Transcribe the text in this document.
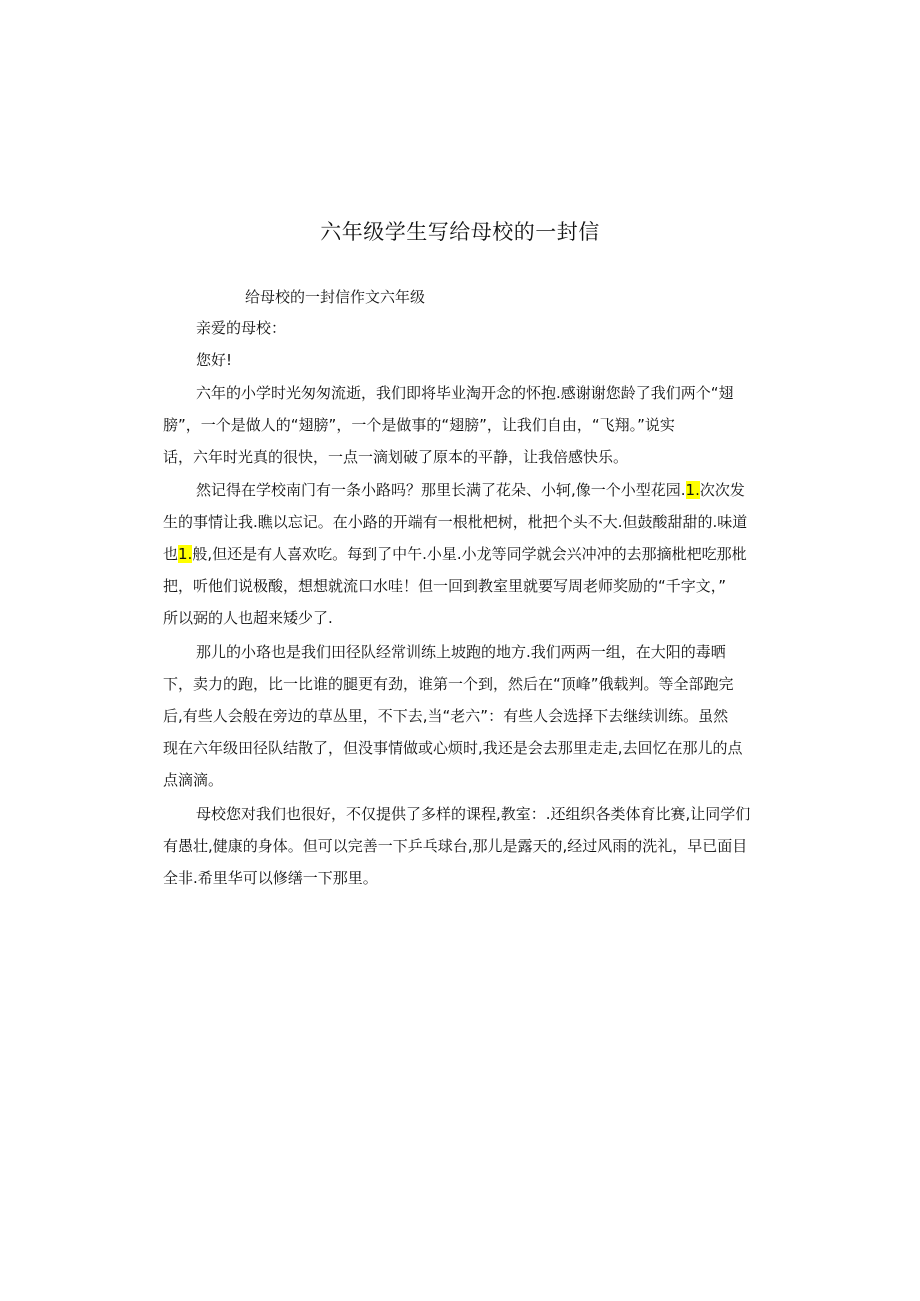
六年级学生写给母校的一封信
给母校的一封信作文六年级
亲爱的母校：
您好!
六年的小学时光匆匆流逝，我们即将毕业淘开念的怀抱.感谢谢您龄了我们两个“翅
膀”，一个是做人的“翅膀”，一个是做事的“翅膀”，让我们自由，“飞翔。”说实
话，六年时光真的很快，一点一滴划破了原本的平静，让我倍感快乐。
然记得在学校南门有一条小路吗？那里长满了花朵、小轲,像一个小型花园.1.次次发
生的事情让我.瞧以忘记。在小路的开端有一根枇杷树，枇把个头不大.但鼓酸甜甜的.味道
也1.般,但还是有人喜欢吃。每到了中午.小星.小龙等同学就会兴冲冲的去那摘枇杷吃那枇
把，听他们说极酸，想想就流口水哇！但一回到教室里就要写周老师奖励的“千字文，”
所以弼的人也超来矮少了.
那儿的小珞也是我们田径队经常训练上坡跑的地方.我们两两一组，在大阳的毒晒
下，卖力的跑，比一比谁的腿更有劲，谁第一个到，然后在“顶峰”俄载判。等全部跑完
后,有些人会般在旁边的草丛里，不下去,当“老六”：有些人会选择下去继续训练。虽然
现在六年级田径队结散了，但没事情做或心烦时,我还是会去那里走走,去回忆在那儿的点
点滴滴。
母校您对我们也很好，不仅提供了多样的课程,教室：.还组织各类体育比赛,让同学们
有愚壮,健康的身体。但可以完善一下乒乓球台,那儿是露天的,经过风雨的洗礼，早已面目
全非.希里华可以修缮一下那里。
